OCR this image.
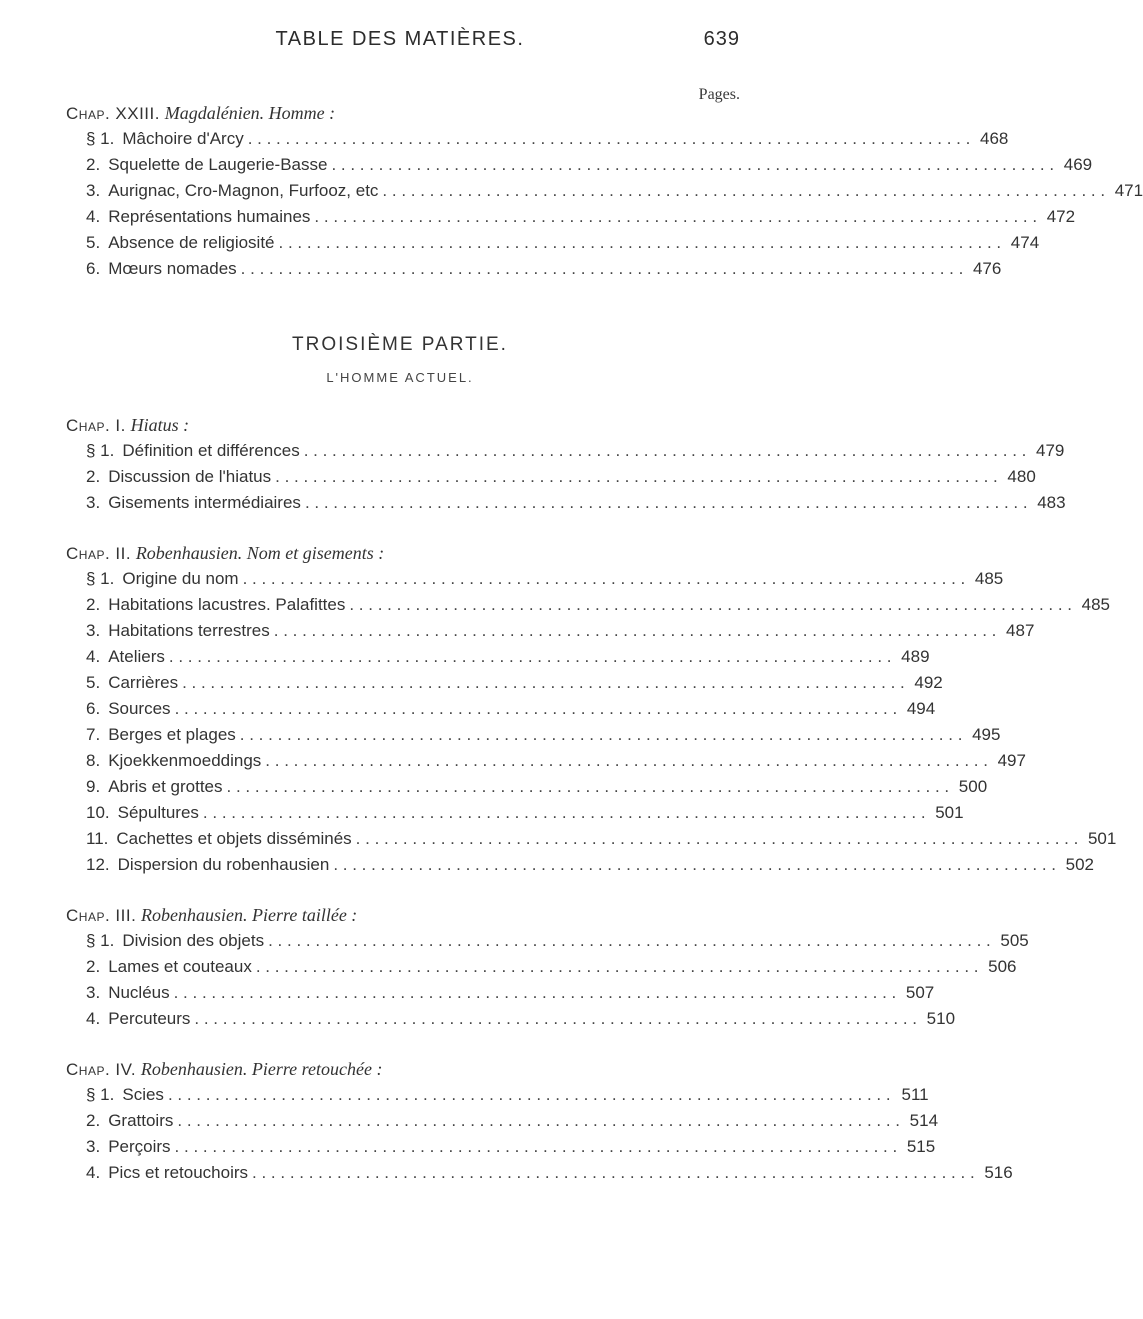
TABLE DES MATIÈRES.	639
Pages.
Chap. XXIII. Magdalénien. Homme :
§ 1. Mâchoire d'Arcy . . .	468
2. Squelette de Laugerie-Basse . . .	469
3. Aurignac, Cro-Magnon, Furfooz, etc . . .	471
4. Représentations humaines . . .	472
5. Absence de religiosité . . .	474
6. Mœurs nomades . . .	476
TROISIÈME PARTIE.
L'HOMME ACTUEL.
Chap. I. Hiatus :
§ 1. Définition et différences . . .	479
2. Discussion de l'hiatus . . .	480
3. Gisements intermédiaires . . .	483
Chap. II. Robenhausien. Nom et gisements :
§ 1. Origine du nom . . .	485
2. Habitations lacustres. Palafittes . . .	485
3. Habitations terrestres . . .	487
4. Ateliers . . .	489
5. Carrières . . .	492
6. Sources . . .	494
7. Berges et plages . . .	495
8. Kjoekkenmoeddings . . .	497
9. Abris et grottes . . .	500
10. Sépultures . . .	501
11. Cachettes et objets disséminés . . .	501
12. Dispersion du robenhausien . . .	502
Chap. III. Robenhausien. Pierre taillée :
§ 1. Division des objets . . .	505
2. Lames et couteaux . . .	506
3. Nucléus . . .	507
4. Percuteurs . . .	510
Chap. IV. Robenhausien. Pierre retouchée :
§ 1. Scies . . .	511
2. Grattoirs . . .	514
3. Perçoirs . . .	515
4. Pics et retouchoirs . . .	516
